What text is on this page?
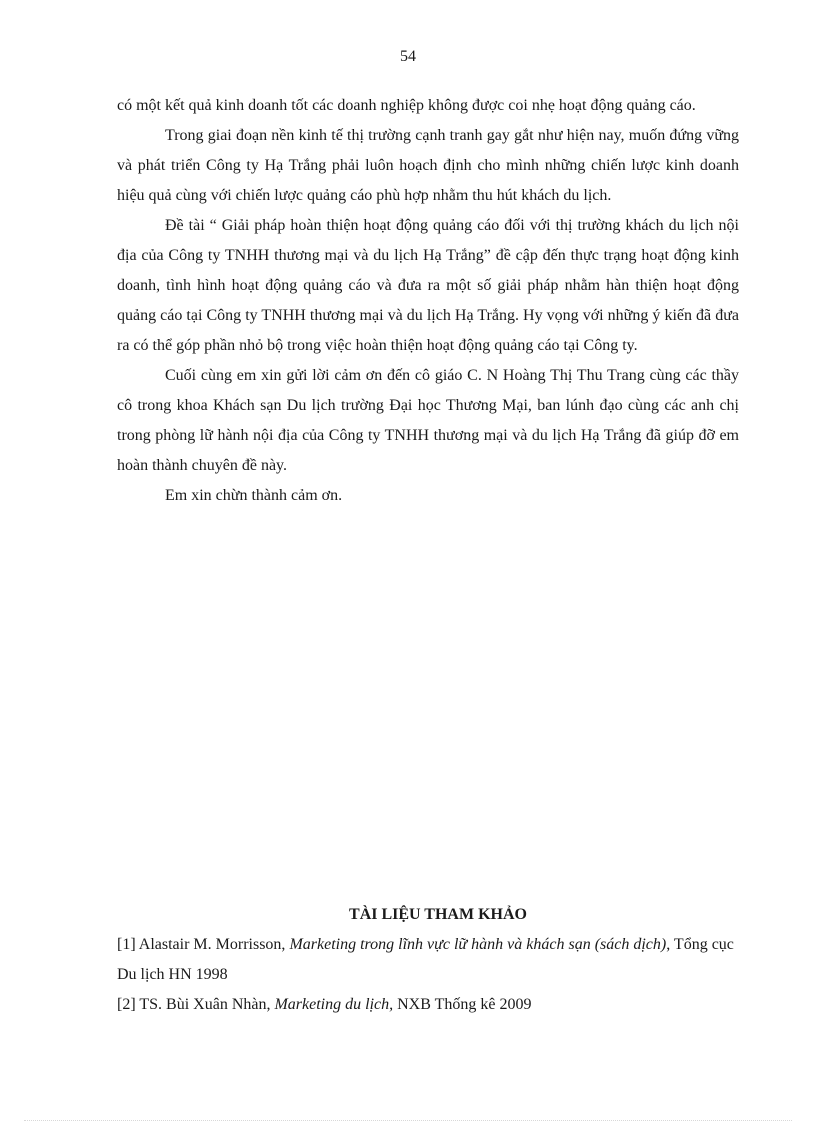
54

có một kết quả kinh doanh tốt các doanh nghiệp không được coi nhẹ hoạt động quảng cáo.

Trong giai đoạn nền kinh tế thị trường cạnh tranh gay gắt như hiện nay, muốn đứng vững và phát triển Công ty Hạ Trắng phải luôn hoạch định cho mình những chiến lược kinh doanh hiệu quả cùng với chiến lược quảng cáo phù hợp nhằm thu hút khách du lịch.

Đề tài “ Giải pháp hoàn thiện hoạt động quảng cáo đối với thị trường khách du lịch nội địa của Công ty TNHH thương mại và du lịch Hạ Trắng” đề cập đến thực trạng hoạt động kinh doanh, tình hình hoạt động quảng cáo và đưa ra một số giải pháp nhằm hàn thiện hoạt động quảng cáo tại Công ty TNHH thương mại và du lịch Hạ Trắng. Hy vọng với những ý kiến đã đưa ra có thể góp phần nhỏ bộ trong việc hoàn thiện hoạt động quảng cáo tại Công ty.

Cuối cùng em xin gửi lời cảm ơn đến cô giáo C. N Hoàng Thị Thu Trang cùng các thầy cô trong khoa Khách sạn Du lịch trường Đại học Thương Mại, ban lúnh đạo cùng các anh chị trong phòng lữ hành nội địa của Công ty TNHH thương mại và du lịch Hạ Trắng đã giúp đỡ em hoàn thành chuyên đề này.

Em xin chừn thành cảm ơn.

TÀI LIỆU THAM KHẢO

[1] Alastair M. Morrisson, Marketing trong lĩnh vực lữ hành và khách sạn (sách dịch), Tổng cục Du lịch HN 1998

[2] TS. Bùi Xuân Nhàn, Marketing du lịch, NXB Thống kê 2009
